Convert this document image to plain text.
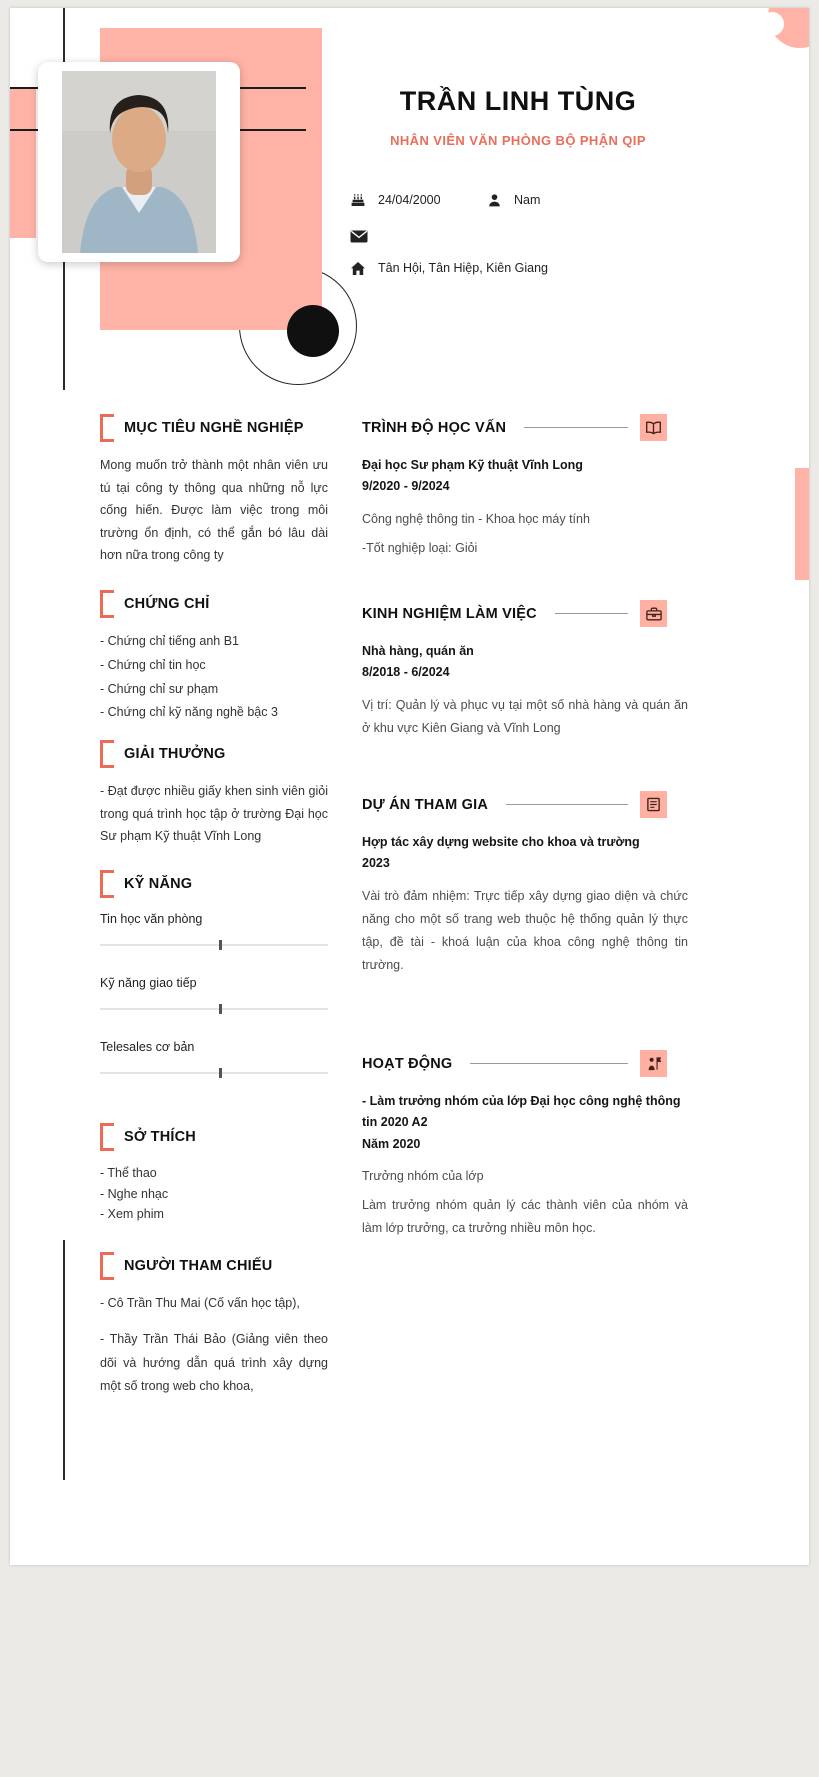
TRẦN LINH TÙNG
NHÂN VIÊN VĂN PHÒNG BỘ PHẬN QIP
24/04/2000	Nam
Tân Hội, Tân Hiệp, Kiên Giang
MỤC TIÊU NGHỀ NGHIỆP
Mong muốn trở thành một nhân viên ưu tú tại công ty thông qua những nỗ lực cống hiến. Được làm việc trong môi trường ổn định, có thể gắn bó lâu dài hơn nữa trong công ty
CHỨNG CHỈ
- Chứng chỉ tiếng anh B1
- Chứng chỉ tin học
- Chứng chỉ sư phạm
- Chứng chỉ kỹ năng nghề bậc 3
GIẢI THƯỞNG
- Đạt được nhiều giấy khen sinh viên giỏi trong quá trình học tập ở trường Đại học Sư phạm Kỹ thuật Vĩnh Long
KỸ NĂNG
Tin học văn phòng
Kỹ năng giao tiếp
Telesales cơ bản
SỞ THÍCH
- Thể thao
- Nghe nhạc
- Xem phim
NGƯỜI THAM CHIẾU
- Cô Trần Thu Mai (Cố vấn học tập),
- Thầy Trần Thái Bảo (Giảng viên theo dõi và hướng dẫn quá trình xây dựng một số trong web cho khoa,
TRÌNH ĐỘ HỌC VẤN
Đại học Sư phạm Kỹ thuật Vĩnh Long
9/2020 - 9/2024
Công nghệ thông tin - Khoa học máy tính
-Tốt nghiệp loại: Giỏi
KINH NGHIỆM LÀM VIỆC
Nhà hàng, quán ăn
8/2018 - 6/2024
Vị trí: Quản lý và phục vụ tại một số nhà hàng và quán ăn ở khu vực Kiên Giang và Vĩnh Long
DỰ ÁN THAM GIA
Hợp tác xây dựng website cho khoa và trường
2023
Vài trò đảm nhiệm: Trực tiếp xây dựng giao diện và chức năng cho một số trang web thuộc hệ thống quản lý thực tập, đề tài - khoá luận của khoa công nghệ thông tin trường.
HOẠT ĐỘNG
- Làm trưởng nhóm của lớp Đại học công nghệ thông tin 2020 A2
Năm 2020
Trưởng nhóm của lớp
Làm trưởng nhóm quản lý các thành viên của nhóm và làm lớp trưởng, ca trưởng nhiều môn học.
